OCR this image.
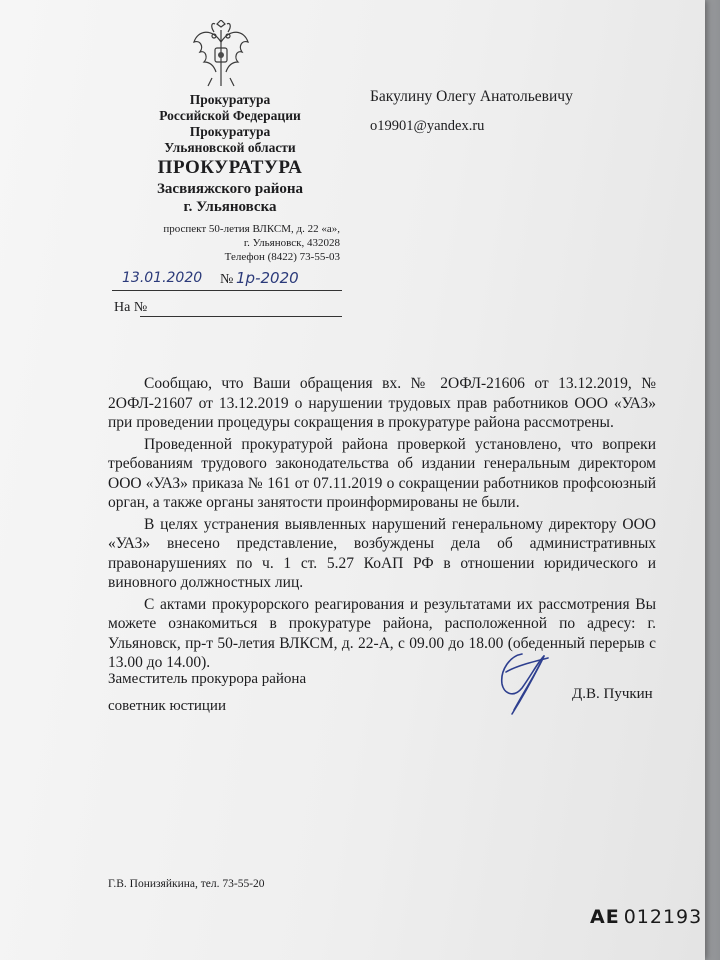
Прокуратура
Российской Федерации
Прокуратура
Ульяновской области
ПРОКУРАТУРА
Засвияжского района
г. Ульяновска
проспект 50-летия ВЛКСМ, д. 22 «а»,
г. Ульяновск, 432028
Телефон (8422) 73-55-03
Бакулину Олегу Анатольевичу
o19901@yandex.ru
13.01.2020 № 1р-2020
На №

Сообщаю, что Ваши обращения вх. № 2ОФЛ-21606 от 13.12.2019, № 2ОФЛ-21607 от 13.12.2019 о нарушении трудовых прав работников ООО «УАЗ» при проведении процедуры сокращения в прокуратуре района рассмотрены.

Проведенной прокуратурой района проверкой установлено, что вопреки требованиям трудового законодательства об издании генеральным директором ООО «УАЗ» приказа № 161 от 07.11.2019 о сокращении работников профсоюзный орган, а также органы занятости проинформированы не были.

В целях устранения выявленных нарушений генеральному директору ООО «УАЗ» внесено представление, возбуждены дела об административных правонарушениях по ч. 1 ст. 5.27 КоАП РФ в отношении юридического и виновного должностных лиц.

С актами прокурорского реагирования и результатами их рассмотрения Вы можете ознакомиться в прокуратуре района, расположенной по адресу: г. Ульяновск, пр-т 50-летия ВЛКСМ, д. 22-А, с 09.00 до 18.00 (обеденный перерыв с 13.00 до 14.00).

Заместитель прокурора района
советник юстиции
Д.В. Пучкин
Г.В. Понизяйкина, тел. 73-55-20
АЕ 012193
